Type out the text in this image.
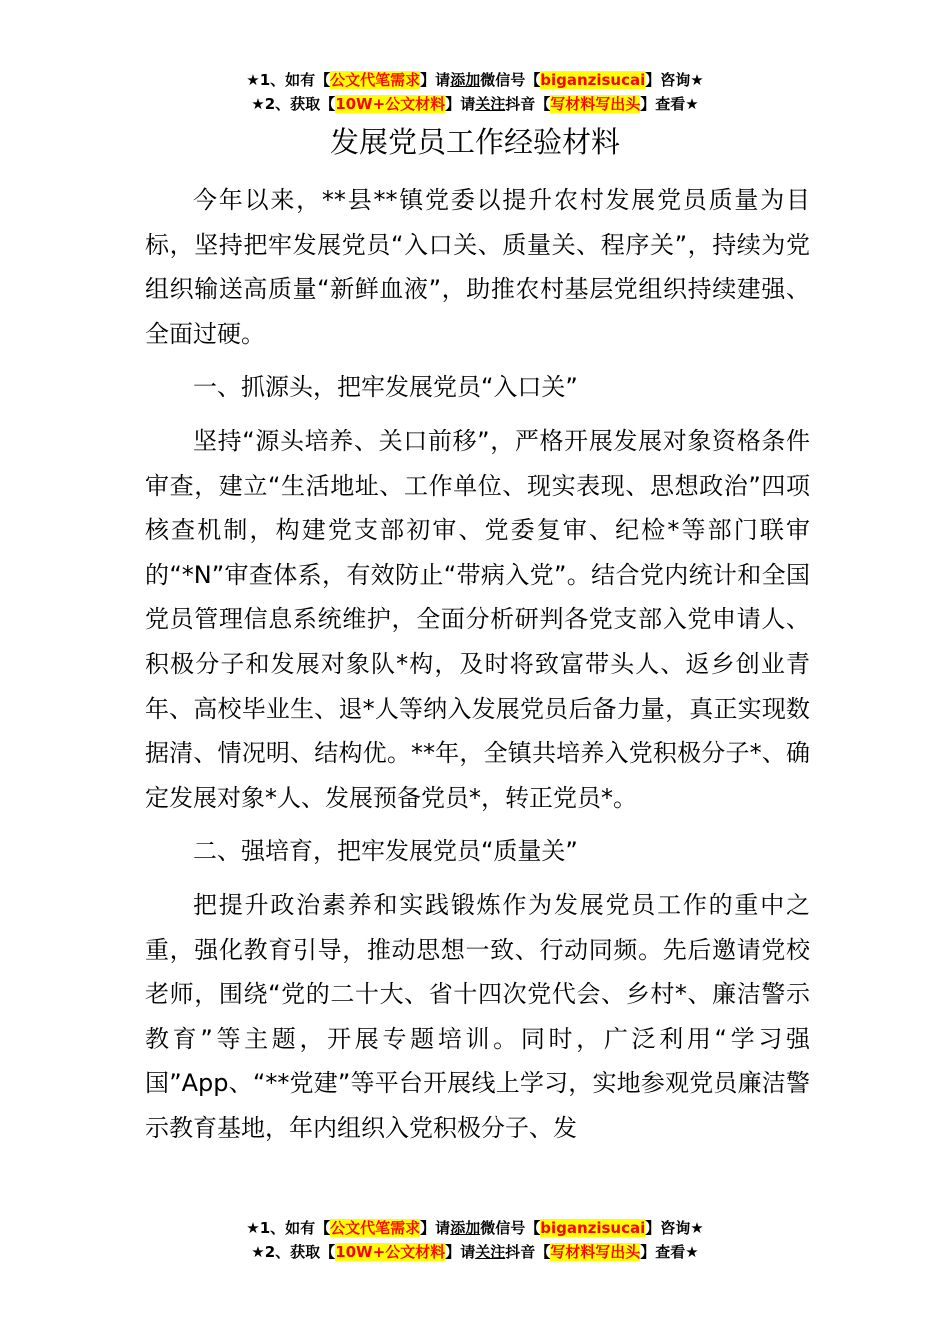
★1、如有【公文代笔需求】请添加微信号【biganzisucai】咨询★
★2、获取【10W+公文材料】请关注抖音【写材料写出头】查看★
发展党员工作经验材料

今年以来，**县**镇党委以提升农村发展党员质量为目标，坚持把牢发展党员“入口关、质量关、程序关”，持续为党组织输送高质量“新鲜血液”，助推农村基层党组织持续建强、全面过硬。

一、抓源头，把牢发展党员“入口关”

坚持“源头培养、关口前移”，严格开展发展对象资格条件审查，建立“生活地址、工作单位、现实表现、思想政治”四项核查机制，构建党支部初审、党委复审、纪检*等部门联审的“*N”审查体系，有效防止“带病入党”。结合党内统计和全国党员管理信息系统维护，全面分析研判各党支部入党申请人、积极分子和发展对象队*构，及时将致富带头人、返乡创业青年、高校毕业生、退*人等纳入发展党员后备力量，真正实现数据清、情况明、结构优。**年，全镇共培养入党积极分子*、确定发展对象*人、发展预备党员*，转正党员*。

二、强培育，把牢发展党员“质量关”

把提升政治素养和实践锻炼作为发展党员工作的重中之重，强化教育引导，推动思想一致、行动同频。先后邀请党校老师，围绕“党的二十大、省十四次党代会、乡村*、廉洁警示教育”等主题，开展专题培训。同时，广泛利用“学习强国”App、“**党建”等平台开展线上学习，实地参观党员廉洁警示教育基地，年内组织入党积极分子、发

★1、如有【公文代笔需求】请添加微信号【biganzisucai】咨询★
★2、获取【10W+公文材料】请关注抖音【写材料写出头】查看★
